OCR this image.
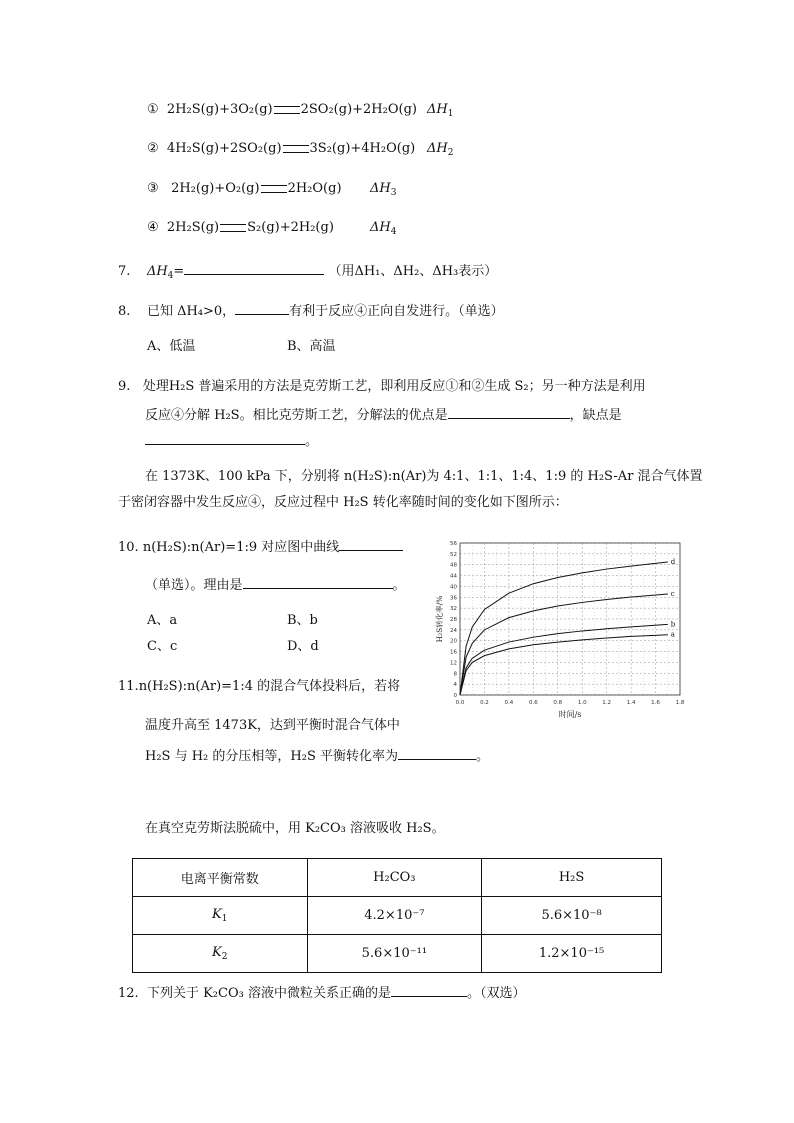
① 2H₂S(g)+3O₂(g) 2SO₂(g)+2H₂O(g) $\Delta H_1$
② 4H₂S(g)+2SO₂(g) 3S₂(g)+4H₂O(g) $\Delta H_2$
③ 2H₂(g)+O₂(g) 2H₂O(g) $\Delta H_3$
④ 2H₂S(g) S₂(g)+2H₂(g)	$\Delta H_4$
7. $\Delta H_4=$	（用ΔH₁、ΔH₂、ΔH₃表示）
8. 已知 ΔH₄>0，	有利于反应④正向自发进行。（单选）
A、低温	B、高温
9. 处理H₂S 普遍采用的方法是克劳斯工艺，即利用反应①和②生成 S₂；另一种方法是利用
反应④分解 H₂S。相比克劳斯工艺，分解法的优点是	，缺点是
。
在 1373K、100 kPa 下，分别将 n(H₂S):n(Ar)为 4:1、1:1、1:4、1:9 的 H₂S-Ar 混合气体置
于密闭容器中发生反应④，反应过程中 H₂S 转化率随时间的变化如下图所示：
10. n(H₂S):n(Ar)=1:9 对应图中曲线
（单选）。理由是	。
A、a	B、b
C、c	D、d
11.n(H₂S):n(Ar)=1:4 的混合气体投料后，若将
温度升高至 1473K，达到平衡时混合气体中
H₂S 与 H₂ 的分压相等，H₂S 平衡转化率为	。
0
4
8
12
16
20
24
28
32
36
40
44
48
52
56
0.0	0.2	0.4	0.6	0.8	1.0	1.2	1.4	1.6	1.8
时间/s
H₂S转化率/%	a
b
c
d
在真空克劳斯法脱硫中，用 K₂CO₃ 溶液吸收 H₂S。
电离平衡常数	H₂CO₃	H₂S
$K_1$	4.2×10⁻⁷	5.6×10⁻⁸
$K_2$	5.6×10⁻¹¹	1.2×10⁻¹⁵
12. 下列关于 K₂CO₃ 溶液中微粒关系正确的是	。（双选）
